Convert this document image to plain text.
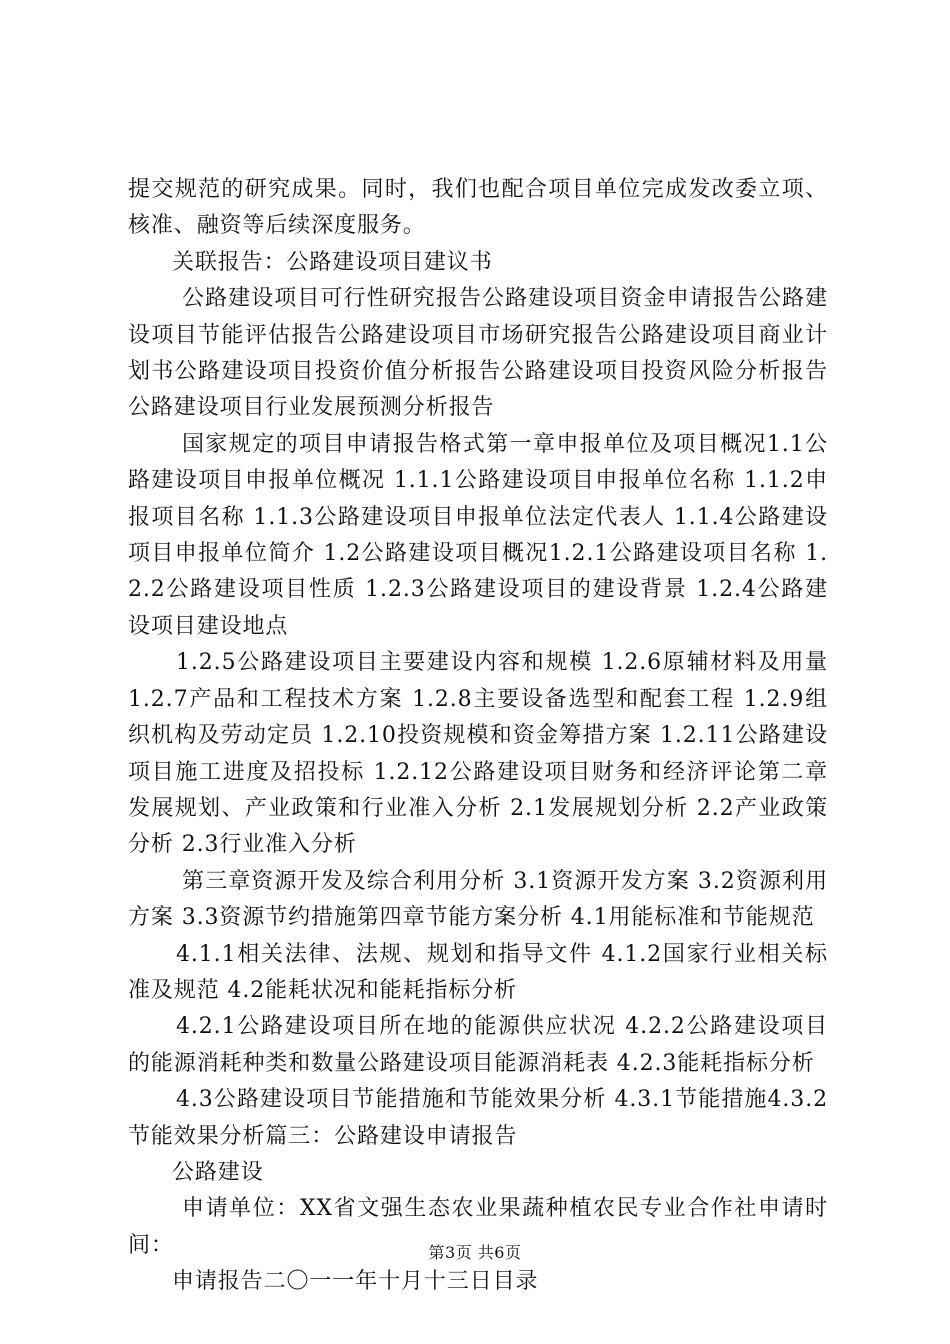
提交规范的研究成果。同时，我们也配合项目单位完成发改委立项、核准、融资等后续深度服务。

关联报告：公路建设项目建议书

公路建设项目可行性研究报告公路建设项目资金申请报告公路建设项目节能评估报告公路建设项目市场研究报告公路建设项目商业计划书公路建设项目投资价值分析报告公路建设项目投资风险分析报告公路建设项目行业发展预测分析报告

国家规定的项目申请报告格式第一章申报单位及项目概况1.1公路建设项目申报单位概况 1.1.1公路建设项目申报单位名称 1.1.2申报项目名称 1.1.3公路建设项目申报单位法定代表人 1.1.4公路建设项目申报单位简介 1.2公路建设项目概况1.2.1公路建设项目名称 1.2.2公路建设项目性质 1.2.3公路建设项目的建设背景 1.2.4公路建设项目建设地点

1.2.5公路建设项目主要建设内容和规模 1.2.6原辅材料及用量 1.2.7产品和工程技术方案 1.2.8主要设备选型和配套工程 1.2.9组织机构及劳动定员 1.2.10投资规模和资金筹措方案 1.2.11公路建设项目施工进度及招投标 1.2.12公路建设项目财务和经济评论第二章发展规划、产业政策和行业准入分析 2.1发展规划分析 2.2产业政策分析 2.3行业准入分析

第三章资源开发及综合利用分析 3.1资源开发方案 3.2资源利用方案 3.3资源节约措施第四章节能方案分析 4.1用能标准和节能规范

4.1.1相关法律、法规、规划和指导文件 4.1.2国家行业相关标准及规范 4.2能耗状况和能耗指标分析

4.2.1公路建设项目所在地的能源供应状况 4.2.2公路建设项目的能源消耗种类和数量公路建设项目能源消耗表 4.2.3能耗指标分析

4.3公路建设项目节能措施和节能效果分析 4.3.1节能措施4.3.2节能效果分析篇三：公路建设申请报告

公路建设

申请单位：XX省文强生态农业果蔬种植农民专业合作社申请时间：

申请报告二〇一一年十月十三日目录

第3页 共6页
